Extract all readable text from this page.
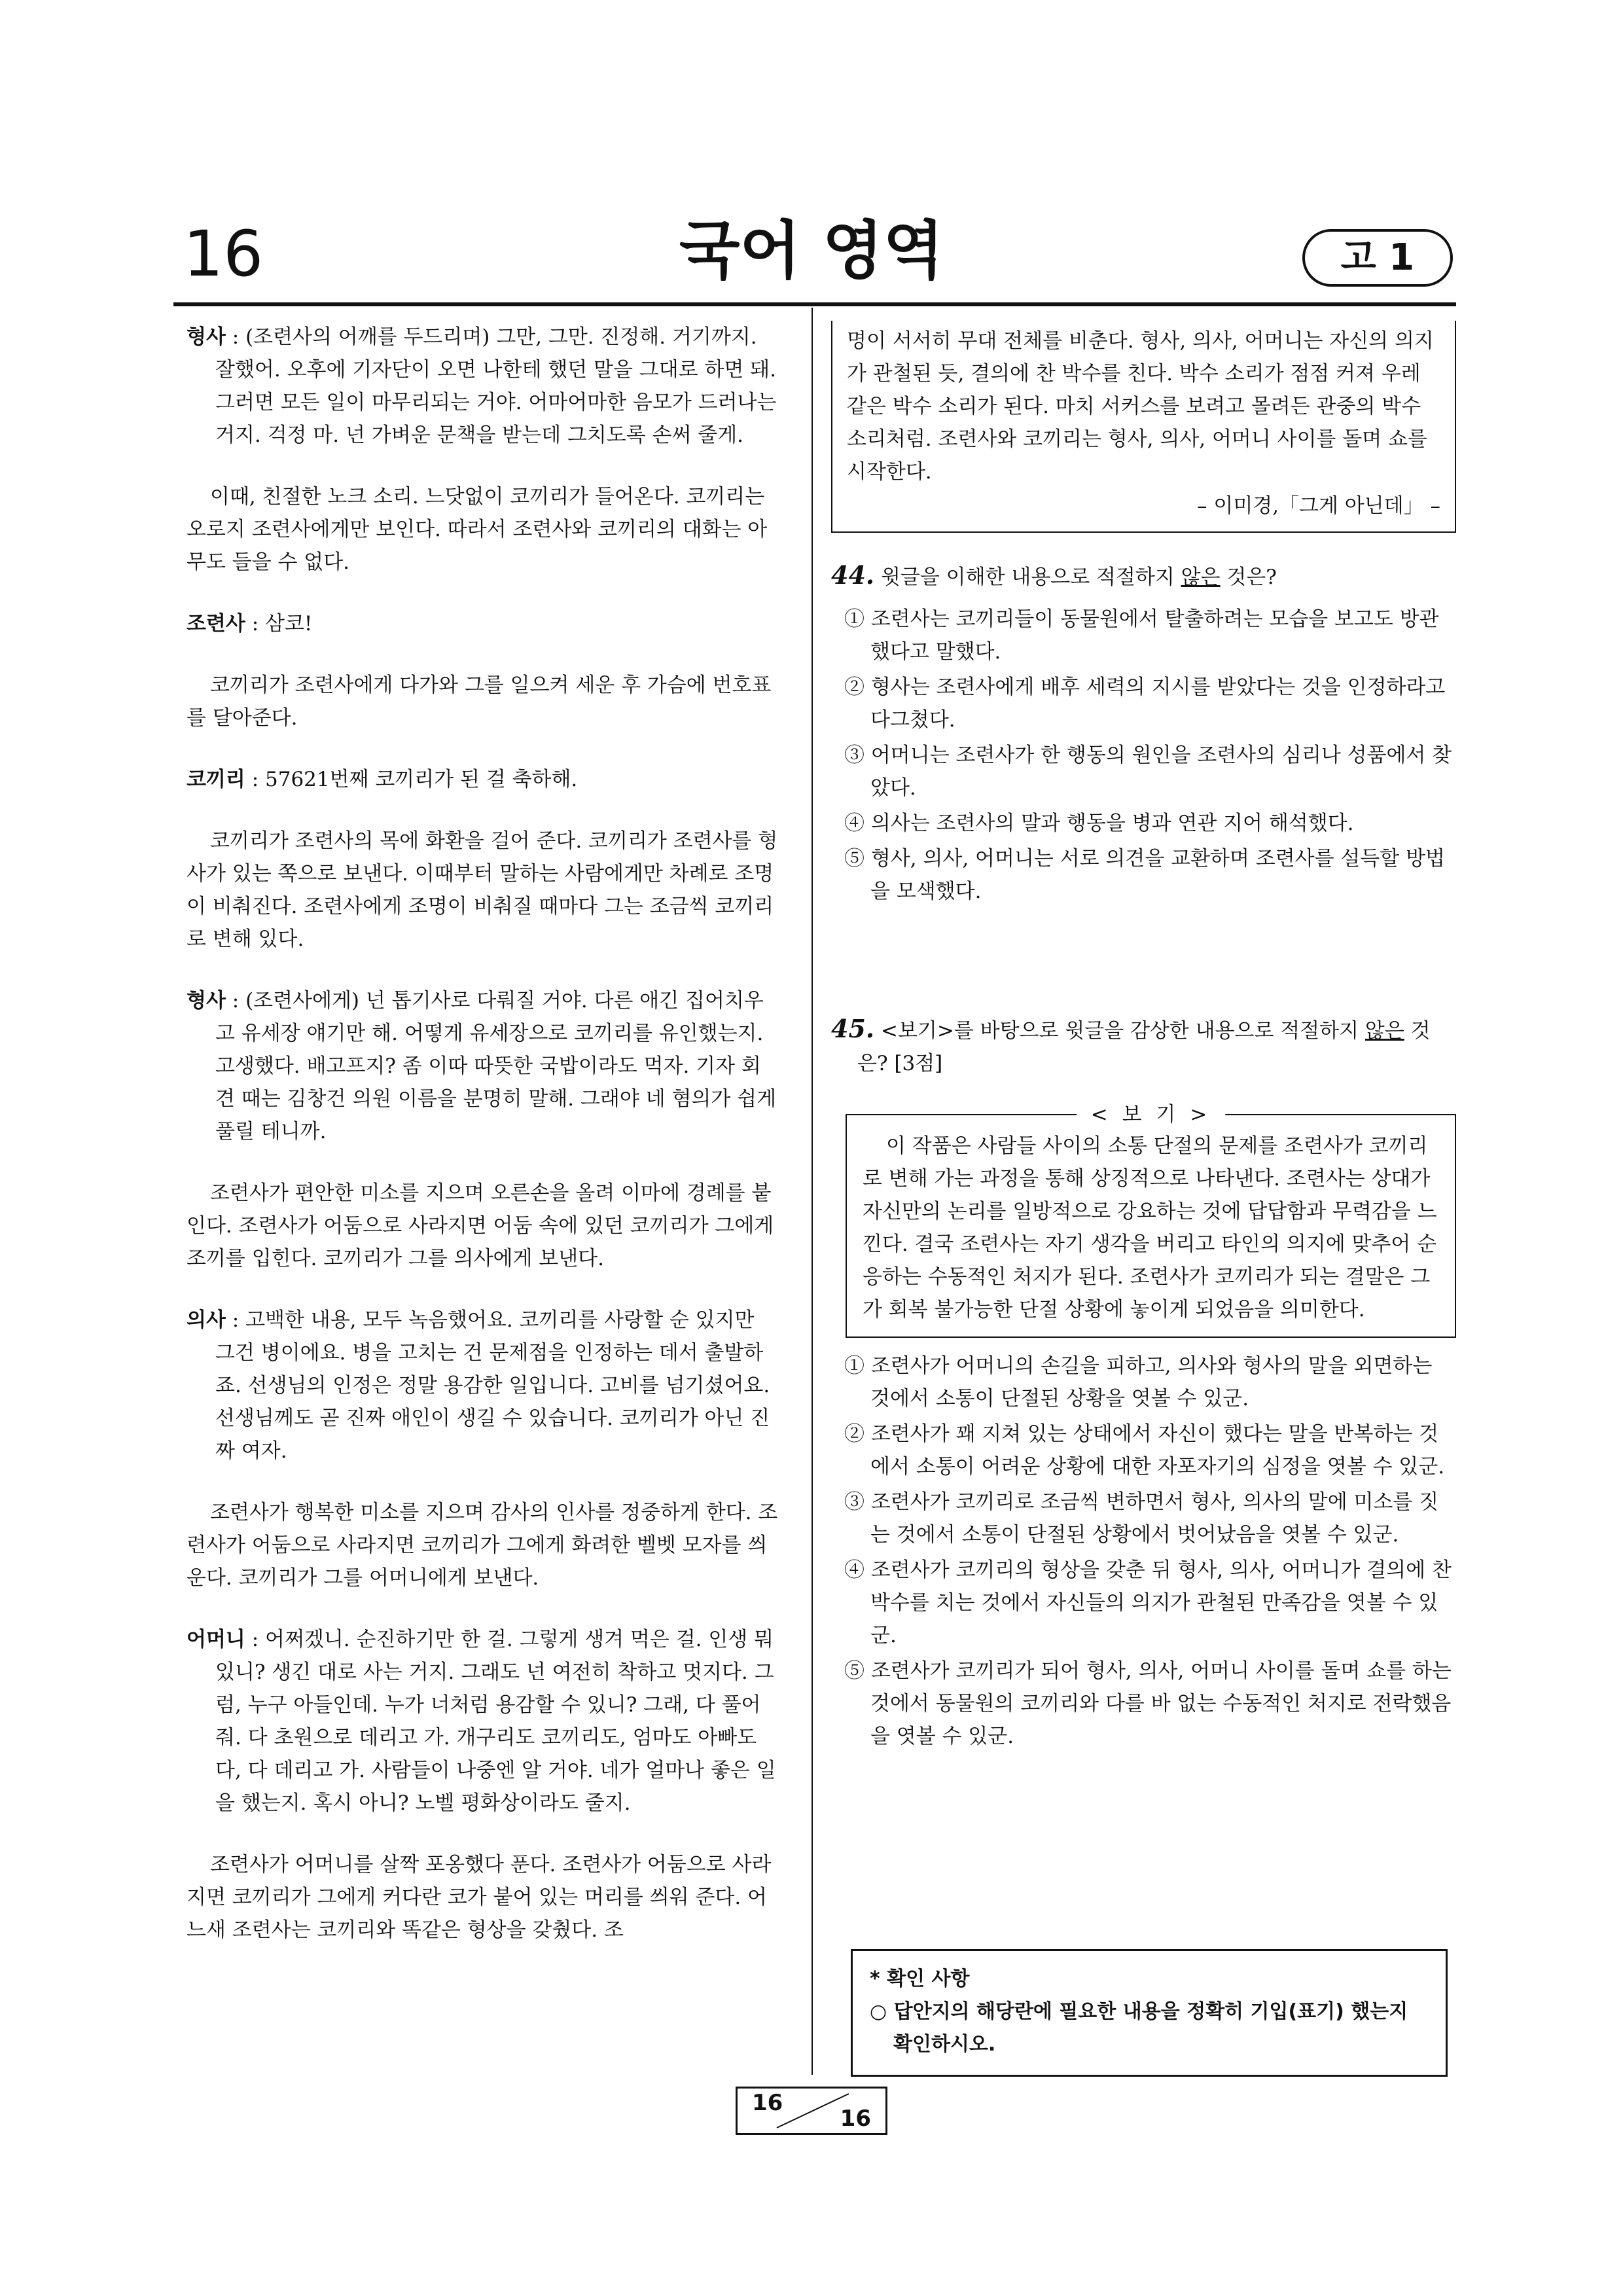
16	국어 영역	고 1

형사 : (조련사의 어깨를 두드리며) 그만, 그만. 진정해. 거기까지. 잘했어. 오후에 기자단이 오면 나한테 했던 말을 그대로 하면 돼. 그러면 모든 일이 마무리되는 거야. 어마어마한 음모가 드러나는 거지. 걱정 마. 넌 가벼운 문책을 받는데 그치도록 손써 줄게.

이때, 친절한 노크 소리. 느닷없이 코끼리가 들어온다. 코끼리는 오로지 조련사에게만 보인다. 따라서 조련사와 코끼리의 대화는 아무도 들을 수 없다.

조련사 : 삼코!

코끼리가 조련사에게 다가와 그를 일으켜 세운 후 가슴에 번호표를 달아준다.

코끼리 : 57621번째 코끼리가 된 걸 축하해.

코끼리가 조련사의 목에 화환을 걸어 준다. 코끼리가 조련사를 형사가 있는 쪽으로 보낸다. 이때부터 말하는 사람에게만 차례로 조명이 비춰진다. 조련사에게 조명이 비춰질 때마다 그는 조금씩 코끼리로 변해 있다.

형사 : (조련사에게) 넌 톱기사로 다뤄질 거야. 다른 애긴 집어치우고 유세장 얘기만 해. 어떻게 유세장으로 코끼리를 유인했는지. 고생했다. 배고프지? 좀 이따 따뜻한 국밥이라도 먹자. 기자 회견 때는 김창건 의원 이름을 분명히 말해. 그래야 네 혐의가 쉽게 풀릴 테니까.

조련사가 편안한 미소를 지으며 오른손을 올려 이마에 경례를 붙인다. 조련사가 어둠으로 사라지면 어둠 속에 있던 코끼리가 그에게 조끼를 입힌다. 코끼리가 그를 의사에게 보낸다.

의사 : 고백한 내용, 모두 녹음했어요. 코끼리를 사랑할 순 있지만 그건 병이에요. 병을 고치는 건 문제점을 인정하는 데서 출발하죠. 선생님의 인정은 정말 용감한 일입니다. 고비를 넘기셨어요. 선생님께도 곧 진짜 애인이 생길 수 있습니다. 코끼리가 아닌 진짜 여자.

조련사가 행복한 미소를 지으며 감사의 인사를 정중하게 한다. 조련사가 어둠으로 사라지면 코끼리가 그에게 화려한 벨벳 모자를 씌운다. 코끼리가 그를 어머니에게 보낸다.

어머니 : 어쩌겠니. 순진하기만 한 걸. 그렇게 생겨 먹은 걸. 인생 뭐 있니? 생긴 대로 사는 거지. 그래도 넌 여전히 착하고 멋지다. 그럼, 누구 아들인데. 누가 너처럼 용감할 수 있니? 그래, 다 풀어 줘. 다 초원으로 데리고 가. 개구리도 코끼리도, 엄마도 아빠도 다, 다 데리고 가. 사람들이 나중엔 알 거야. 네가 얼마나 좋은 일을 했는지. 혹시 아니? 노벨 평화상이라도 줄지.

조련사가 어머니를 살짝 포옹했다 푼다. 조련사가 어둠으로 사라지면 코끼리가 그에게 커다란 코가 붙어 있는 머리를 씌워 준다. 어느새 조련사는 코끼리와 똑같은 형상을 갖췄다. 조

명이 서서히 무대 전체를 비춘다. 형사, 의사, 어머니는 자신의 의지가 관철된 듯, 결의에 찬 박수를 친다. 박수 소리가 점점 커져 우레 같은 박수 소리가 된다. 마치 서커스를 보려고 몰려든 관중의 박수 소리처럼. 조련사와 코끼리는 형사, 의사, 어머니 사이를 돌며 쇼를 시작한다.
– 이미경,「그게 아닌데」 –
44. 윗글을 이해한 내용으로 적절하지 않은 것은?
① 조련사는 코끼리들이 동물원에서 탈출하려는 모습을 보고도 방관했다고 말했다.
② 형사는 조련사에게 배후 세력의 지시를 받았다는 것을 인정하라고 다그쳤다.
③ 어머니는 조련사가 한 행동의 원인을 조련사의 심리나 성품에서 찾았다.
④ 의사는 조련사의 말과 행동을 병과 연관 지어 해석했다.
⑤ 형사, 의사, 어머니는 서로 의견을 교환하며 조련사를 설득할 방법을 모색했다.
45. <보기>를 바탕으로 윗글을 감상한 내용으로 적절하지 않은 것은? [3점]
< 보 기 >
이 작품은 사람들 사이의 소통 단절의 문제를 조련사가 코끼리로 변해 가는 과정을 통해 상징적으로 나타낸다. 조련사는 상대가 자신만의 논리를 일방적으로 강요하는 것에 답답함과 무력감을 느낀다. 결국 조련사는 자기 생각을 버리고 타인의 의지에 맞추어 순응하는 수동적인 처지가 된다. 조련사가 코끼리가 되는 결말은 그가 회복 불가능한 단절 상황에 놓이게 되었음을 의미한다.
① 조련사가 어머니의 손길을 피하고, 의사와 형사의 말을 외면하는 것에서 소통이 단절된 상황을 엿볼 수 있군.
② 조련사가 꽤 지쳐 있는 상태에서 자신이 했다는 말을 반복하는 것에서 소통이 어려운 상황에 대한 자포자기의 심정을 엿볼 수 있군.
③ 조련사가 코끼리로 조금씩 변하면서 형사, 의사의 말에 미소를 짓는 것에서 소통이 단절된 상황에서 벗어났음을 엿볼 수 있군.
④ 조련사가 코끼리의 형상을 갖춘 뒤 형사, 의사, 어머니가 결의에 찬 박수를 치는 것에서 자신들의 의지가 관철된 만족감을 엿볼 수 있군.
⑤ 조련사가 코끼리가 되어 형사, 의사, 어머니 사이를 돌며 쇼를 하는 것에서 동물원의 코끼리와 다를 바 없는 수동적인 처지로 전락했음을 엿볼 수 있군.
* 확인 사항
○ 답안지의 해당란에 필요한 내용을 정확히 기입(표기) 했는지 확인하시오.
16
16
